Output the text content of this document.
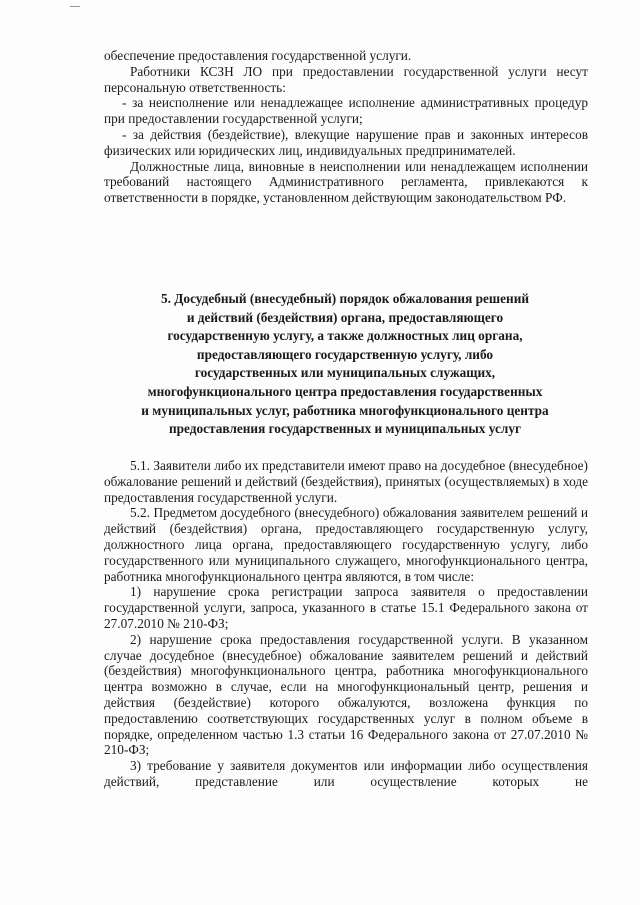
обеспечение предоставления государственной услуги.

Работники КСЗН ЛО при предоставлении государственной услуги несут персональную ответственность:

- за неисполнение или ненадлежащее исполнение административных процедур при предоставлении государственной услуги;

- за действия (бездействие), влекущие нарушение прав и законных интересов физических или юридических лиц, индивидуальных предпринимателей.

Должностные лица, виновные в неисполнении или ненадлежащем исполнении требований настоящего Административного регламента, привлекаются к ответственности в порядке, установленном действующим законодательством РФ.

5. Досудебный (внесудебный) порядок обжалования решений

и действий (бездействия) органа, предоставляющего

государственную услугу, а также должностных лиц органа,

предоставляющего государственную услугу, либо

государственных или муниципальных служащих,

многофункционального центра предоставления государственных

и муниципальных услуг, работника многофункционального центра

предоставления государственных и муниципальных услуг

5.1. Заявители либо их представители имеют право на досудебное (внесудебное) обжалование решений и действий (бездействия), принятых (осуществляемых) в ходе предоставления государственной услуги.

5.2. Предметом досудебного (внесудебного) обжалования заявителем решений и действий (бездействия) органа, предоставляющего государственную услугу, должностного лица органа, предоставляющего государственную услугу, либо государственного или муниципального служащего, многофункционального центра, работника многофункционального центра являются, в том числе:

1) нарушение срока регистрации запроса заявителя о предоставлении государственной услуги, запроса, указанного в статье 15.1 Федерального закона от 27.07.2010 № 210-ФЗ;

2) нарушение срока предоставления государственной услуги. В указанном случае досудебное (внесудебное) обжалование заявителем решений и действий (бездействия) многофункционального центра, работника многофункционального центра возможно в случае, если на многофункциональный центр, решения и действия (бездействие) которого обжалуются, возложена функция по предоставлению соответствующих государственных услуг в полном объеме в порядке, определенном частью 1.3 статьи 16 Федерального закона от 27.07.2010 № 210-ФЗ;

3) требование у заявителя документов или информации либо осуществления действий, представление или осуществление которых не
